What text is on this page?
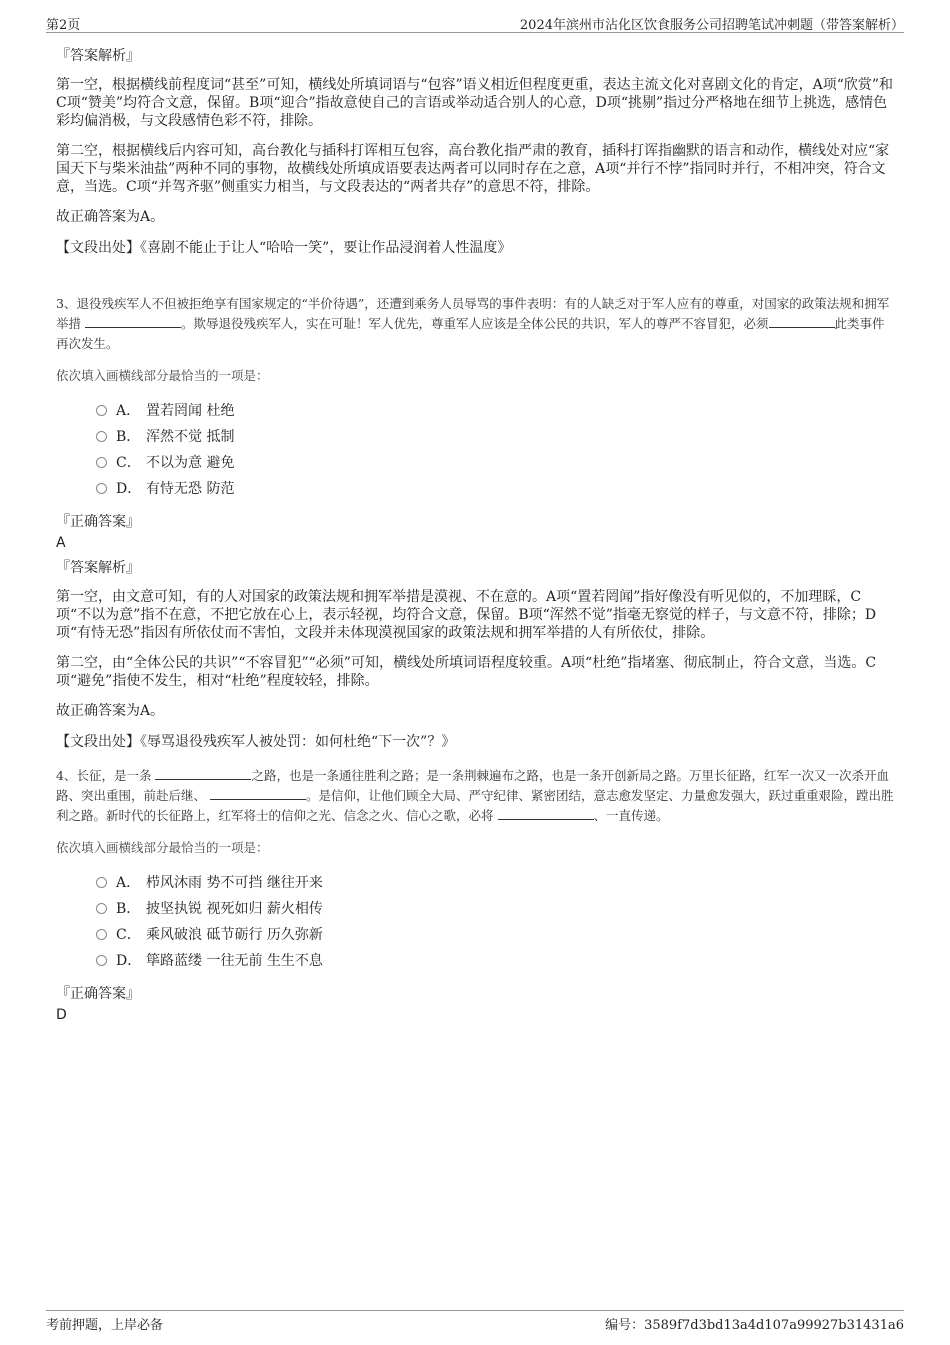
第2页	2024年滨州市沾化区饮食服务公司招聘笔试冲刺题（带答案解析）
『答案解析』

第一空，根据横线前程度词“甚至”可知，横线处所填词语与“包容”语义相近但程度更重，表达主流文化对喜剧文化的肯定，A项“欣赏”和C项“赞美”均符合文意，保留。B项“迎合”指故意使自己的言语或举动适合别人的心意，D项“挑剔”指过分严格地在细节上挑选，感情色彩均偏消极，与文段感情色彩不符，排除。

第二空，根据横线后内容可知，高台教化与插科打诨相互包容，高台教化指严肃的教育，插科打诨指幽默的语言和动作，横线处对应“家国天下与柴米油盐”两种不同的事物，故横线处所填成语要表达两者可以同时存在之意，A项“并行不悖”指同时并行，不相冲突，符合文意，当选。C项“并驾齐驱”侧重实力相当，与文段表达的“两者共存”的意思不符，排除。

故正确答案为A。

【文段出处】《喜剧不能止于让人“哈哈一笑”，要让作品浸润着人性温度》

3、退役残疾军人不但被拒绝享有国家规定的“半价待遇”，还遭到乘务人员辱骂的事件表明：有的人缺乏对于军人应有的尊重，对国家的政策法规和拥军举措	。欺辱退役残疾军人，实在可耻！军人优先，尊重军人应该是全体公民的共识，军人的尊严不容冒犯，必须	此类事件再次发生。

依次填入画横线部分最恰当的一项是：

A． 置若罔闻 杜绝
B． 浑然不觉 抵制
C． 不以为意 避免
D． 有恃无恐 防范
『正确答案』
A
『答案解析』

第一空，由文意可知，有的人对国家的政策法规和拥军举措是漠视、不在意的。A项“置若罔闻”指好像没有听见似的，不加理睬，C项“不以为意”指不在意，不把它放在心上，表示轻视，均符合文意，保留。B项“浑然不觉”指毫无察觉的样子，与文意不符，排除；D项“有恃无恐”指因有所依仗而不害怕，文段并未体现漠视国家的政策法规和拥军举措的人有所依仗，排除。

第二空，由“全体公民的共识”“不容冒犯”“必须”可知，横线处所填词语程度较重。A项“杜绝”指堵塞、彻底制止，符合文意，当选。C项“避免”指使不发生，相对“杜绝”程度较轻，排除。

故正确答案为A。

【文段出处】《辱骂退役残疾军人被处罚：如何杜绝“下一次”？》

4、长征，是一条	之路，也是一条通往胜利之路；是一条荆棘遍布之路，也是一条开创新局之路。万里长征路，红军一次又一次杀开血路、突出重围，前赴后继、	。是信仰，让他们顾全大局、严守纪律、紧密团结，意志愈发坚定、力量愈发强大，跃过重重艰险，蹚出胜利之路。新时代的长征路上，红军将士的信仰之光、信念之火、信心之歌，必将	、一直传递。

依次填入画横线部分最恰当的一项是：

A． 栉风沐雨 势不可挡 继往开来
B． 披坚执锐 视死如归 薪火相传
C． 乘风破浪 砥节砺行 历久弥新
D． 筚路蓝缕 一往无前 生生不息
『正确答案』
D
考前押题，上岸必备	编号：3589f7d3bd13a4d107a99927b31431a6
